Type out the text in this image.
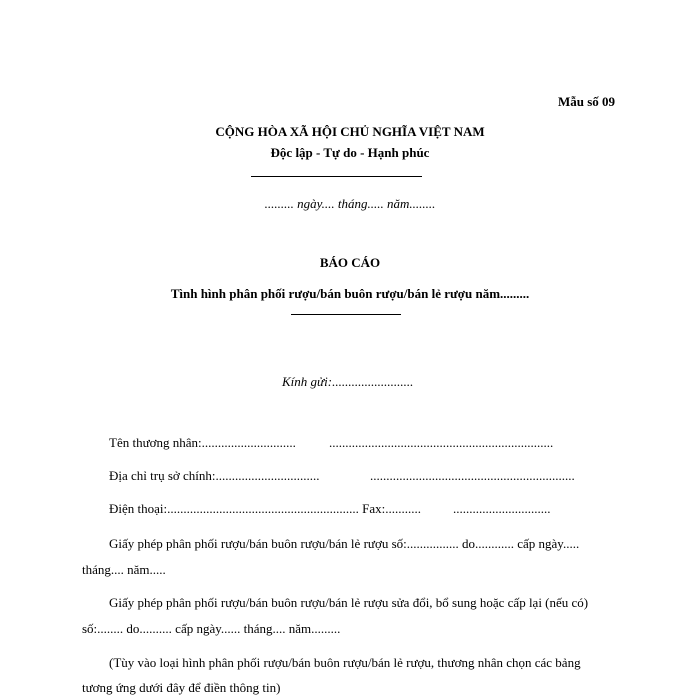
Mẫu số 09
CỘNG HÒA XÃ HỘI CHỦ NGHĨA VIỆT NAM
Độc lập - Tự do - Hạnh phúc
......... ngày.... tháng..... năm........
BÁO CÁO
Tình hình phân phối rượu/bán buôn rượu/bán lẻ rượu năm.........
Kính gửi:.........................
Tên thương nhân:.............................	.....................................................................
Địa chỉ trụ sở chính:................................	...............................................................
Điện thoại:........................................................... Fax:........... ..............................
Giấy phép phân phối rượu/bán buôn rượu/bán lẻ rượu số:................ do............ cấp ngày.....
tháng.... năm.....
Giấy phép phân phối rượu/bán buôn rượu/bán lẻ rượu sửa đổi, bổ sung hoặc cấp lại (nếu có)
số:........ do.......... cấp ngày...... tháng.... năm.........
(Tùy vào loại hình phân phối rượu/bán buôn rượu/bán lẻ rượu, thương nhân chọn các bảng
tương ứng dưới đây để điền thông tin)
